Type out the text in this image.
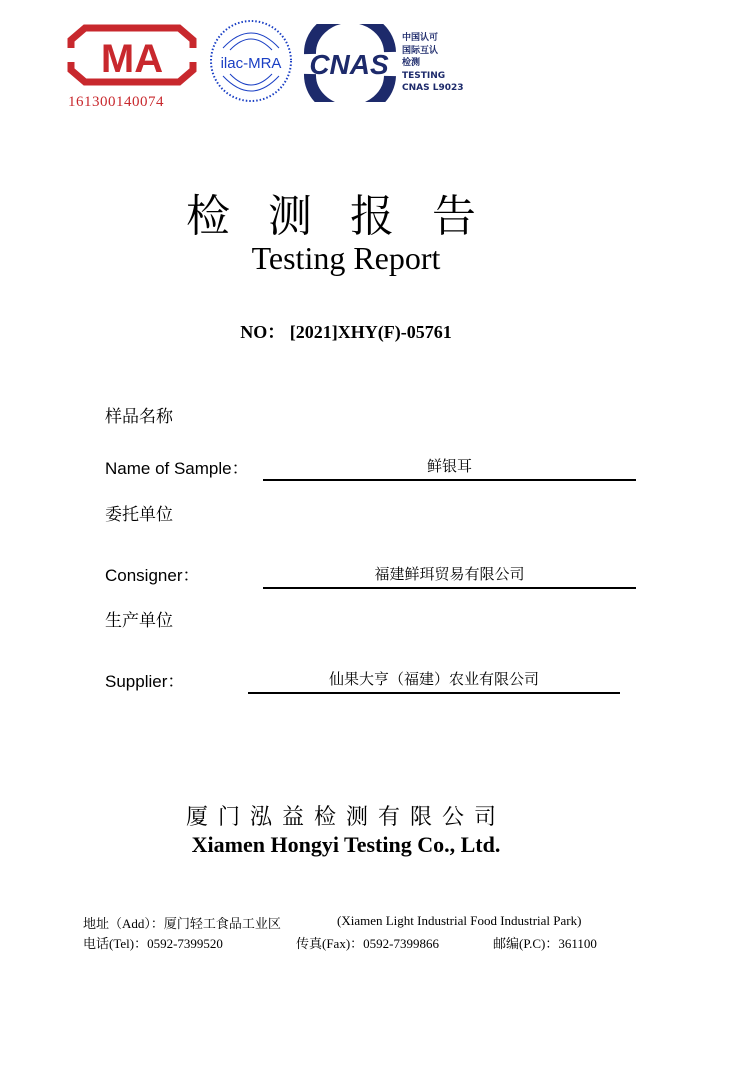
MA
161300140074
ilac-MRA CNAS
中国认可
国际互认
检测
TESTING
CNAS L9023
检测报告
Testing Report
NO： [2021]XHY(F)-05761
样品名称
Name of Sample：	鲜银耳
委托单位
Consigner：	福建鲜珥贸易有限公司
生产单位
Supplier：	仙果大亨（福建）农业有限公司
厦门泓益检测有限公司
Xiamen Hongyi Testing Co., Ltd.
地址（Add）：厦门轻工食品工业区	(Xiamen Light Industrial Food Industrial Park)
电话(Tel)：0592-7399520	传真(Fax)：0592-7399866	邮编(P.C)：361100
